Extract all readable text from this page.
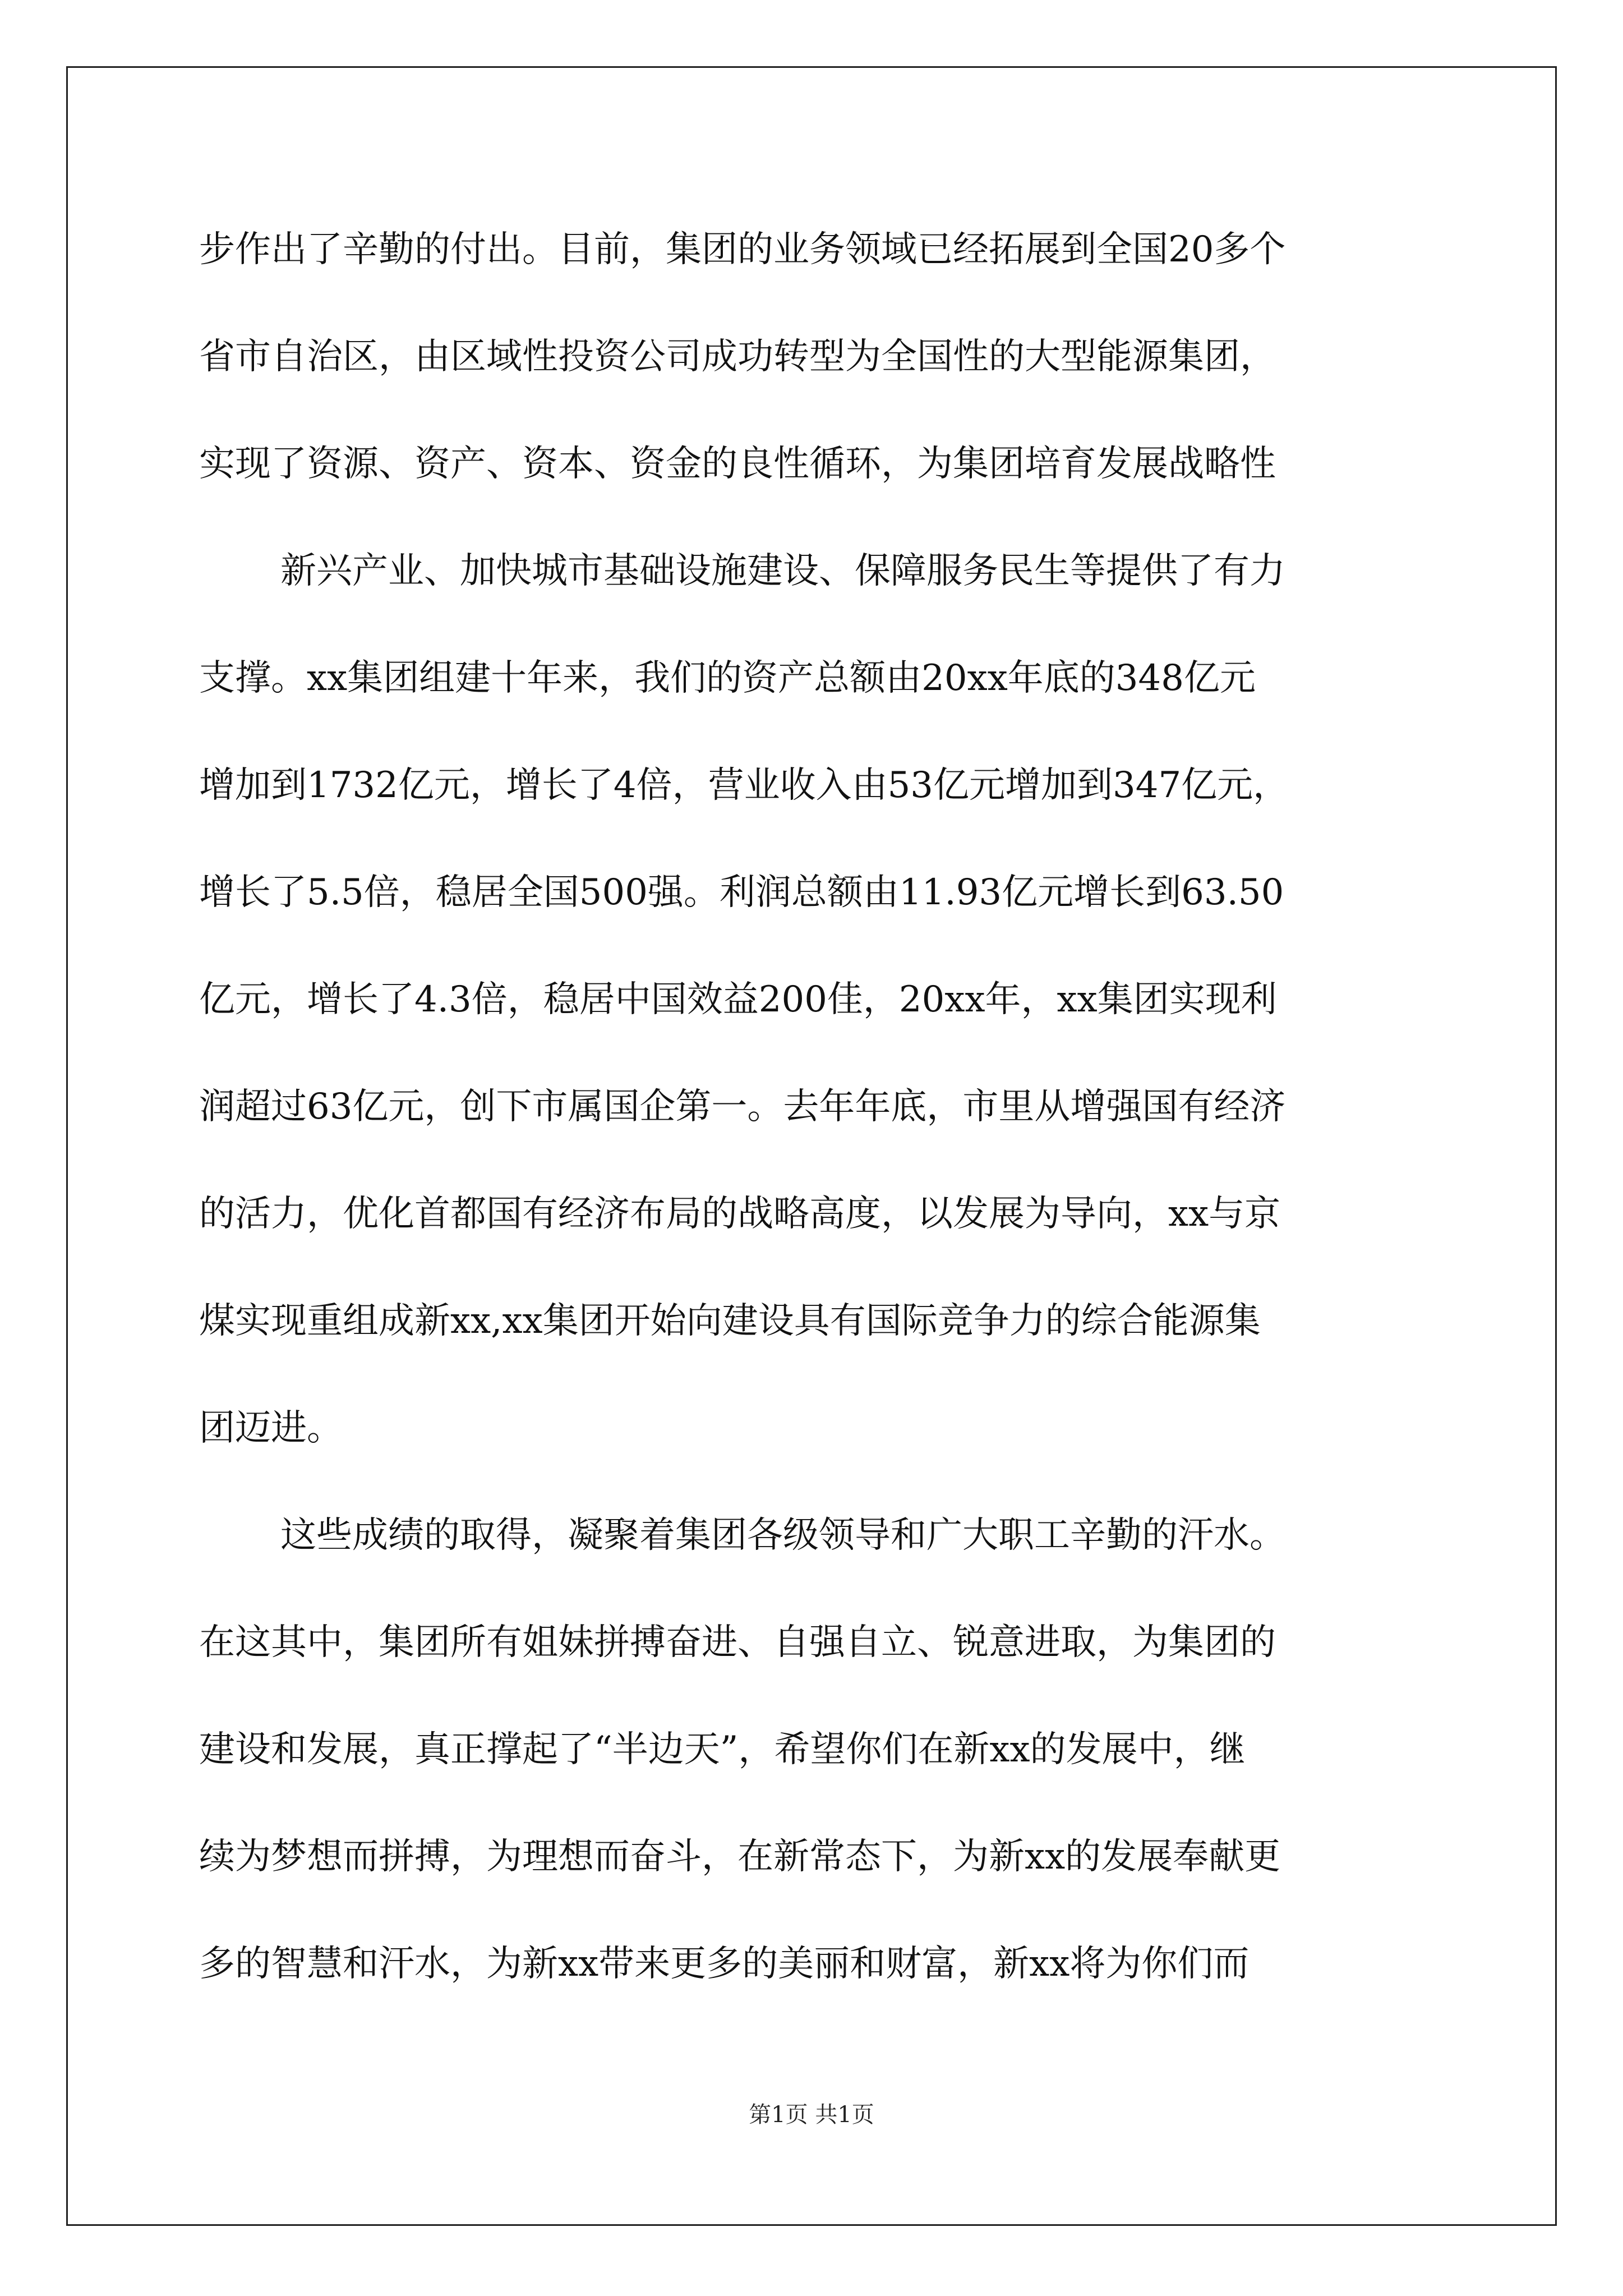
步作出了辛勤的付出。目前，集团的业务领域已经拓展到全国20多个

省市自治区，由区域性投资公司成功转型为全国性的大型能源集团，

实现了资源、资产、资本、资金的良性循环，为集团培育发展战略性

新兴产业、加快城市基础设施建设、保障服务民生等提供了有力

支撑。xx集团组建十年来，我们的资产总额由20xx年底的348亿元

增加到1732亿元，增长了4倍，营业收入由53亿元增加到347亿元，

增长了5.5倍，稳居全国500强。利润总额由11.93亿元增长到63.50

亿元，增长了4.3倍，稳居中国效益200佳，20xx年，xx集团实现利

润超过63亿元，创下市属国企第一。去年年底，市里从增强国有经济

的活力，优化首都国有经济布局的战略高度，以发展为导向，xx与京

煤实现重组成新xx,xx集团开始向建设具有国际竞争力的综合能源集

团迈进。

这些成绩的取得，凝聚着集团各级领导和广大职工辛勤的汗水。

在这其中，集团所有姐妹拼搏奋进、自强自立、锐意进取，为集团的

建设和发展，真正撑起了“半边天”，希望你们在新xx的发展中，继

续为梦想而拼搏，为理想而奋斗，在新常态下，为新xx的发展奉献更

多的智慧和汗水，为新xx带来更多的美丽和财富，新xx将为你们而

第1页 共1页
